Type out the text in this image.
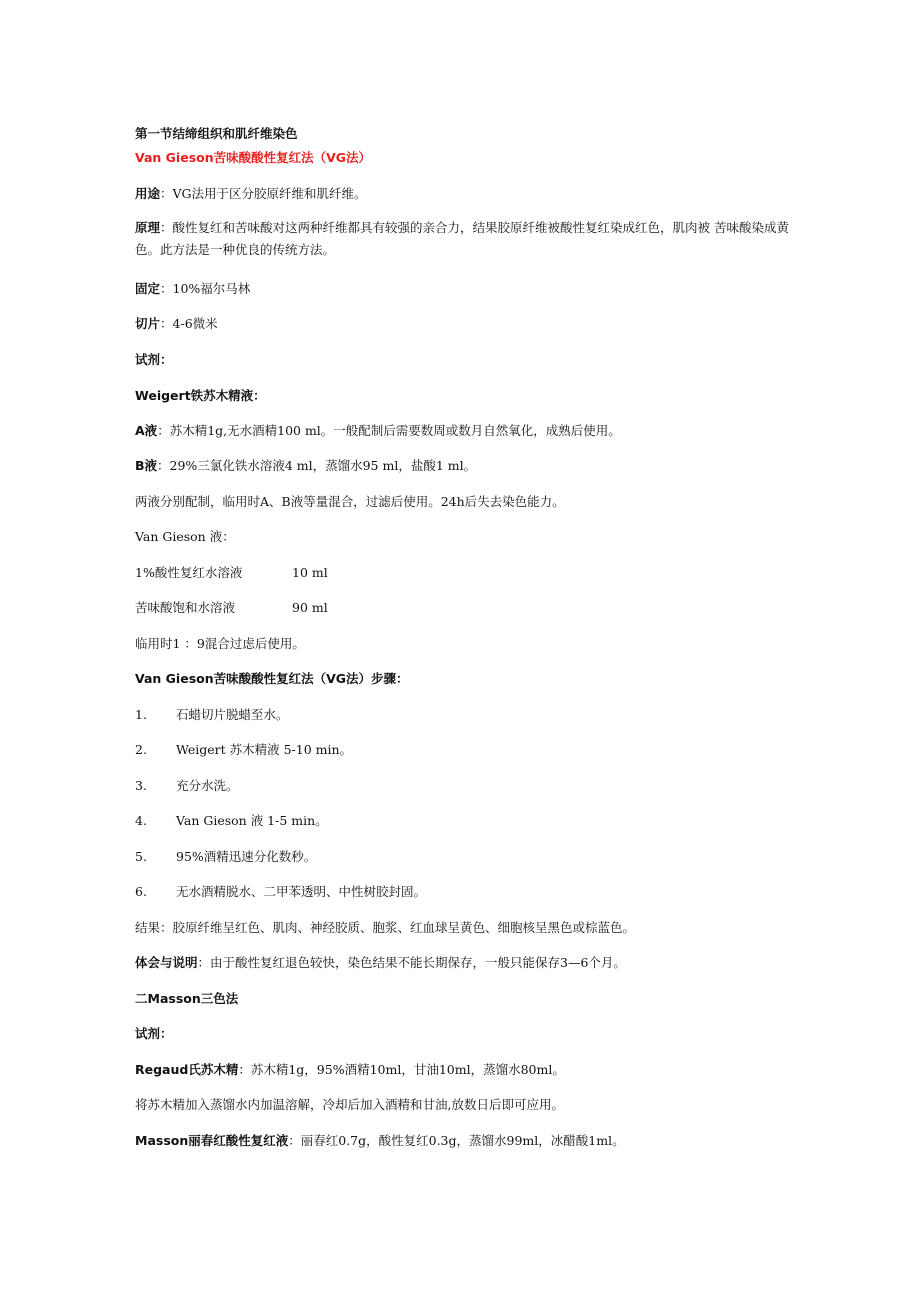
第一节结缔组织和肌纤维染色
Van Gieson苦味酸酸性复红法（VG法）
用途：VG法用于区分胶原纤维和肌纤维。
原理：酸性复红和苦味酸对这两种纤维都具有较强的亲合力，结果胶原纤维被酸性复红染成红色，肌肉被 苦味酸染成黄色。此方法是一种优良的传统方法。
固定：10%福尔马林
切片：4-6微米
试剂：
Weigert铁苏木精液：
A液：苏木精1g,无水酒精100 ml。一般配制后需要数周或数月自然氧化，成熟后使用。
B液：29%三氯化铁水溶液4 ml，蒸馏水95 ml，盐酸1 ml。
两液分别配制，临用时A、B液等量混合，过滤后使用。24h后失去染色能力。
Van Gieson 液：
1%酸性复红水溶液	10 ml
苦味酸饱和水溶液	90 ml
临用时1 ：9混合过虑后使用。
Van Gieson苦味酸酸性复红法（VG法）步骤：
1. 石蜡切片脱蜡至水。
2. Weigert 苏木精液 5-10 min。
3. 充分水洗。
4. Van Gieson 液 1-5 min。
5. 95%酒精迅速分化数秒。
6. 无水酒精脱水、二甲苯透明、中性树胶封固。
结果：胶原纤维呈红色、肌肉、神经胶质、胞浆、红血球呈黄色、细胞核呈黑色或棕蓝色。
体会与说明：由于酸性复红退色较快，染色结果不能长期保存，一般只能保存3—6个月。
二Masson三色法
试剂：
Regaud氏苏木精：苏木精1g，95%酒精10ml，甘油10ml，蒸馏水80ml。
将苏木精加入蒸馏水内加温溶解，冷却后加入酒精和甘油,放数日后即可应用。
Masson丽春红酸性复红液：丽春红0.7g，酸性复红0.3g，蒸馏水99ml，冰醋酸1ml。
